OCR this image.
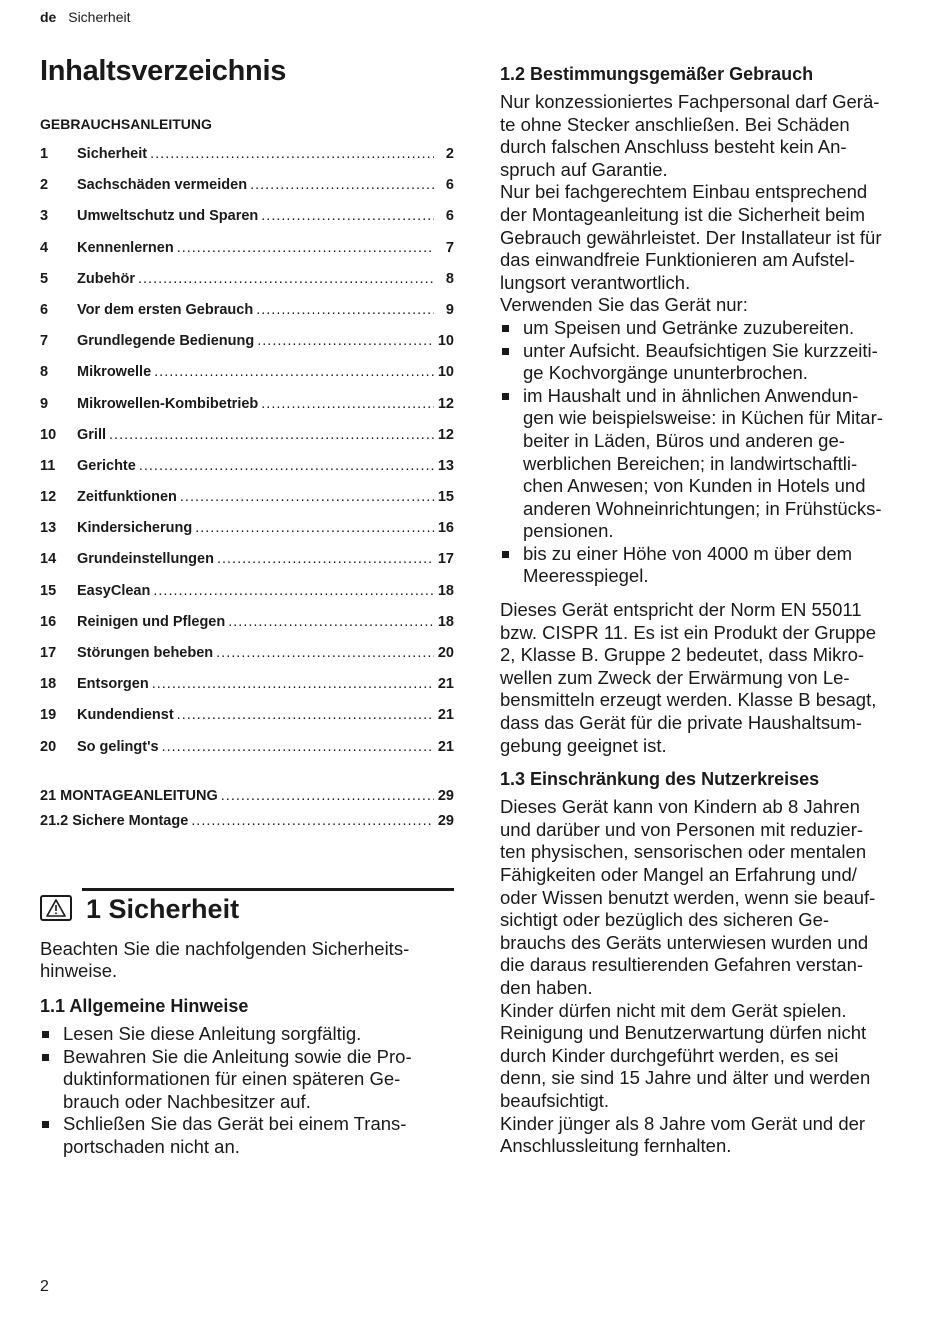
de Sicherheit
Inhaltsverzeichnis
GEBRAUCHSANLEITUNG
1	Sicherheit .....	2
2	Sachschäden vermeiden .....	6
3	Umweltschutz und Sparen .....	6
4	Kennenlernen .....	7
5	Zubehör .....	8
6	Vor dem ersten Gebrauch .....	9
7	Grundlegende Bedienung .....	10
8	Mikrowelle .....	10
9	Mikrowellen-Kombibetrieb .....	12
10	Grill .....	12
11	Gerichte .....	13
12	Zeitfunktionen .....	15
13	Kindersicherung .....	16
14	Grundeinstellungen .....	17
15	EasyClean .....	18
16	Reinigen und Pflegen .....	18
17	Störungen beheben .....	20
18	Entsorgen .....	21
19	Kundendienst .....	21
20	So gelingt's .....	21
21 MONTAGEANLEITUNG .....	29
21.2 Sichere Montage .....	29
1 Sicherheit
Beachten Sie die nachfolgenden Sicherheits-
hinweise.
1.1 Allgemeine Hinweise
Lesen Sie diese Anleitung sorgfältig.
Bewahren Sie die Anleitung sowie die Pro-
duktinformationen für einen späteren Ge-
brauch oder Nachbesitzer auf.
Schließen Sie das Gerät bei einem Trans-
portschaden nicht an.
1.2 Bestimmungsgemäßer Gebrauch
Nur konzessioniertes Fachpersonal darf Gerä-
te ohne Stecker anschließen. Bei Schäden
durch falschen Anschluss besteht kein An-
spruch auf Garantie.
Nur bei fachgerechtem Einbau entsprechend
der Montageanleitung ist die Sicherheit beim
Gebrauch gewährleistet. Der Installateur ist für
das einwandfreie Funktionieren am Aufstel-
lungsort verantwortlich.
Verwenden Sie das Gerät nur:
um Speisen und Getränke zuzubereiten.
unter Aufsicht. Beaufsichtigen Sie kurzzeiti-
ge Kochvorgänge ununterbrochen.
im Haushalt und in ähnlichen Anwendun-
gen wie beispielsweise: in Küchen für Mitar-
beiter in Läden, Büros und anderen ge-
werblichen Bereichen; in landwirtschaftli-
chen Anwesen; von Kunden in Hotels und
anderen Wohneinrichtungen; in Frühstücks-
pensionen.
bis zu einer Höhe von 4000 m über dem
Meeresspiegel.
Dieses Gerät entspricht der Norm EN 55011
bzw. CISPR 11. Es ist ein Produkt der Gruppe
2, Klasse B. Gruppe 2 bedeutet, dass Mikro-
wellen zum Zweck der Erwärmung von Le-
bensmitteln erzeugt werden. Klasse B besagt,
dass das Gerät für die private Haushaltsum-
gebung geeignet ist.
1.3 Einschränkung des Nutzerkreises
Dieses Gerät kann von Kindern ab 8 Jahren
und darüber und von Personen mit reduzier-
ten physischen, sensorischen oder mentalen
Fähigkeiten oder Mangel an Erfahrung und/
oder Wissen benutzt werden, wenn sie beauf-
sichtigt oder bezüglich des sicheren Ge-
brauchs des Geräts unterwiesen wurden und
die daraus resultierenden Gefahren verstan-
den haben.
Kinder dürfen nicht mit dem Gerät spielen.
Reinigung und Benutzerwartung dürfen nicht
durch Kinder durchgeführt werden, es sei
denn, sie sind 15 Jahre und älter und werden
beaufsichtigt.
Kinder jünger als 8 Jahre vom Gerät und der
Anschlussleitung fernhalten.
2
